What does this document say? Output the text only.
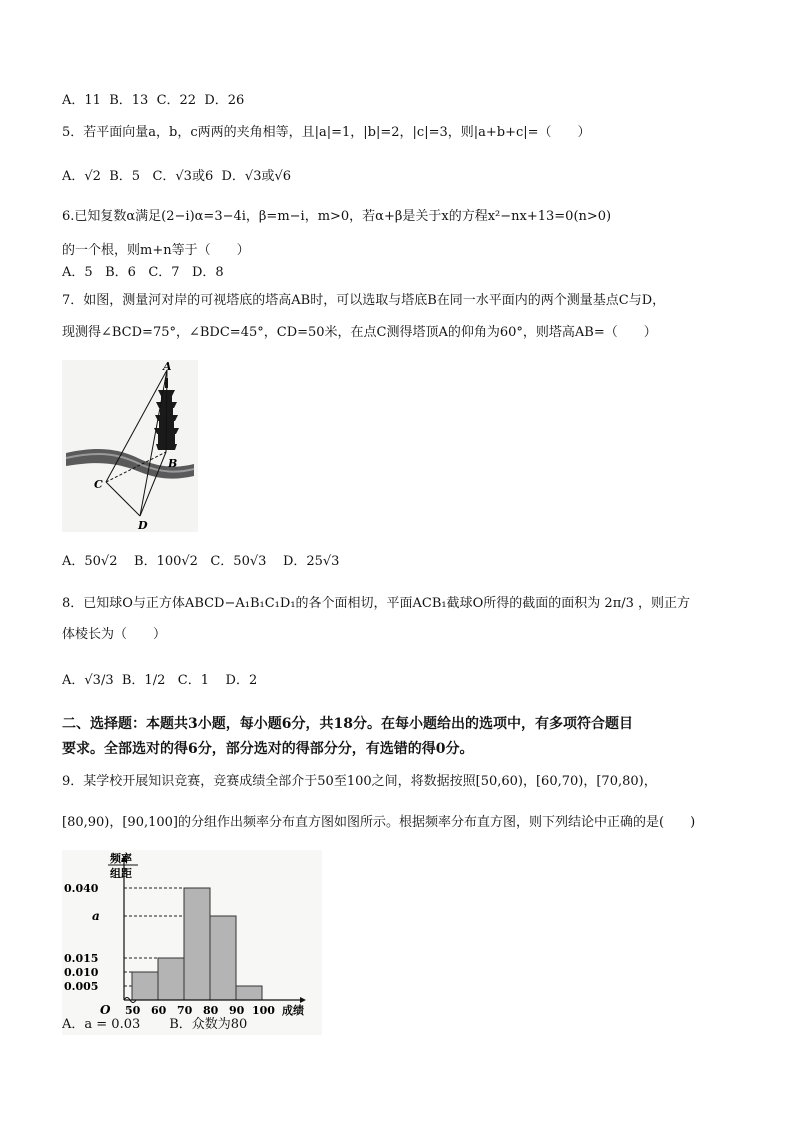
A．11 B．13 C．22 D．26
5．若平面向量a，b，c两两的夹角相等，且|a|=1，|b|=2，|c|=3，则|a+b+c|=（　　）
A．√2 B．5 C．√3或6 D．√3或√6
6.已知复数α满足(2−i)α=3−4i，β=m−i，m>0，若α+β是关于x的方程x²−nx+13=0(n>0)
的一个根，则m+n等于（　　）
A．5 B．6 C．7 D．8
7．如图，测量河对岸的可视塔底的塔高AB时，可以选取与塔底B在同一水平面内的两个测量基点C与D，
现测得∠BCD=75°，∠BDC=45°，CD=50米，在点C测得塔顶A的仰角为60°，则塔高AB=（　　）
A
B
C
D
A．50√2 B．100√2 C．50√3 D．25√3
8．已知球O与正方体ABCD−A₁B₁C₁D₁的各个面相切，平面ACB₁截球O所得的截面的面积为 2π/3 ，则正方
体棱长为（　　）
A．√3/3 B．1/2 C．1 D．2
二、选择题：本题共3小题，每小题6分，共18分。在每小题给出的选项中，有多项符合题目
要求。全部选对的得6分，部分选对的得部分分，有选错的得0分。
9．某学校开展知识竞赛，竞赛成绩全部介于50至100之间，将数据按照[50,60)，[60,70)，[70,80)，
[80,90)，[90,100]的分组作出频率分布直方图如图所示。根据频率分布直方图，则下列结论中正确的是(　　)
0.005
0.010
0.015
0.040
a
50 60 70 80 90 100 成绩
O
频率
组距
A．a = 0.03 B．众数为80
